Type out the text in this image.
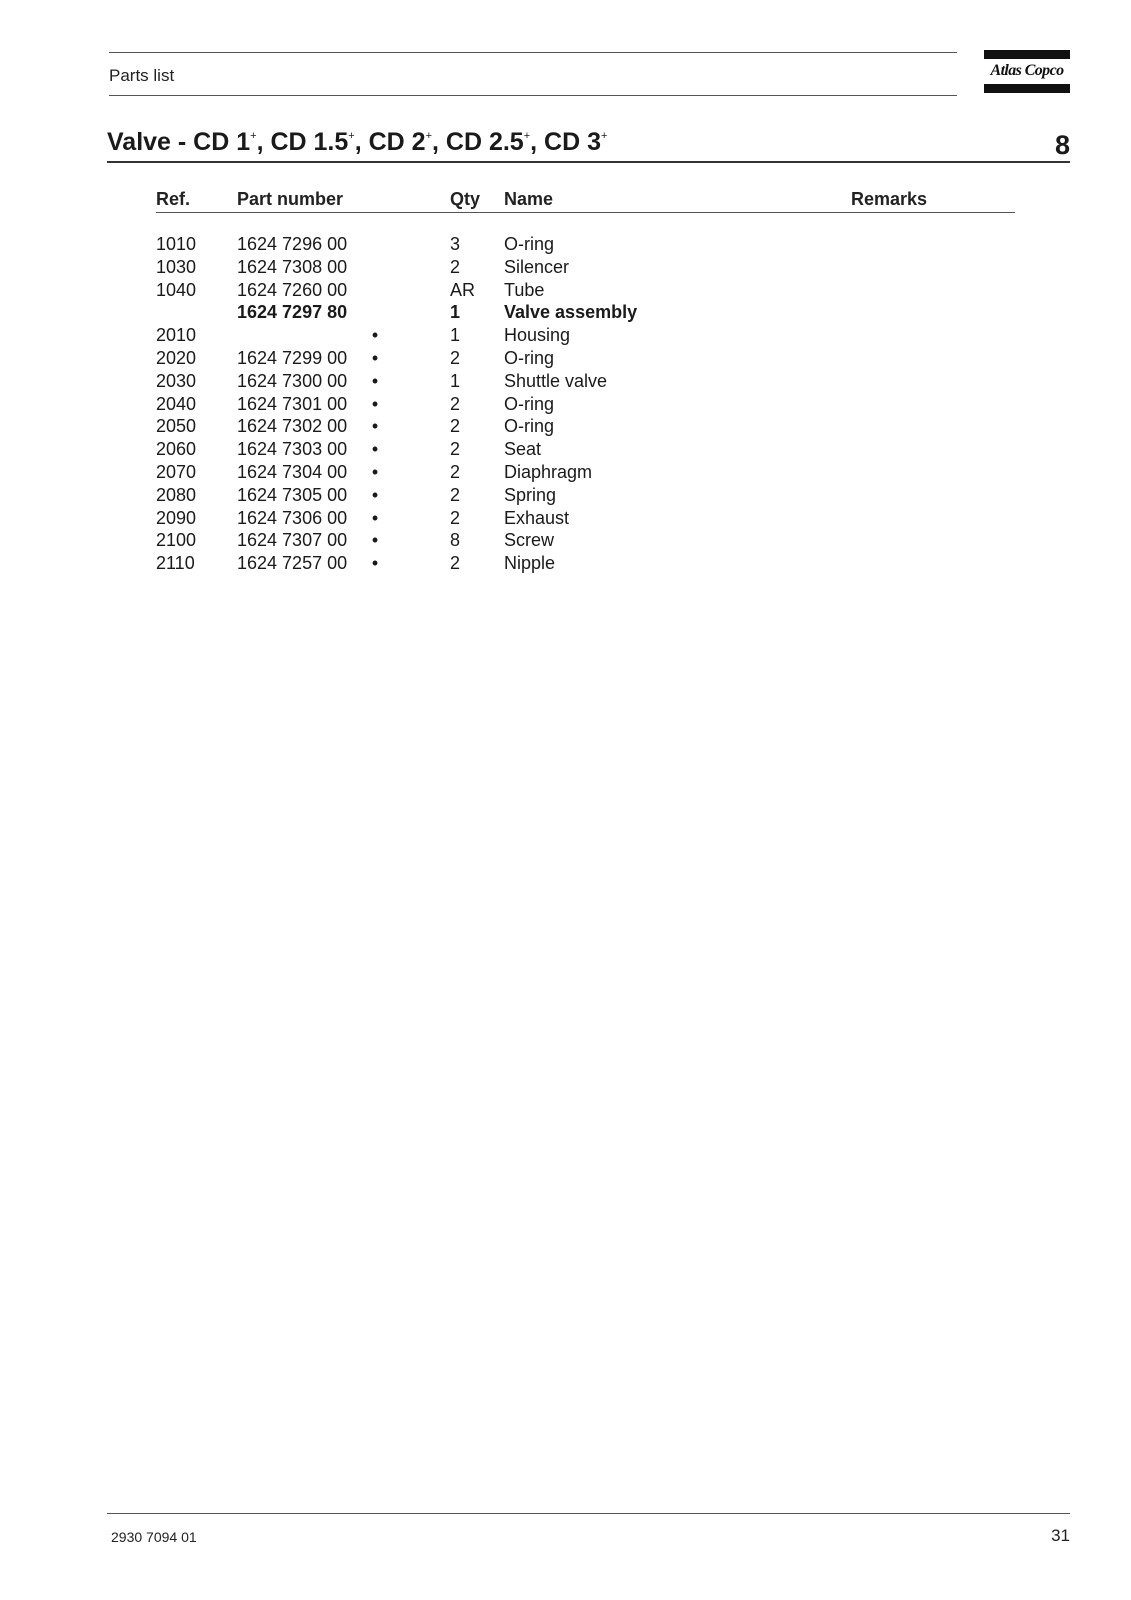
Parts list	Atlas Copco
Valve - CD 1+, CD 1.5+, CD 2+, CD 2.5+, CD 3+	8
Ref.	Part number	Qty Name	Remarks
1010 1624 7296 00	3 O-ring
1030 1624 7308 00	2 Silencer
1040 1624 7260 00	AR Tube
1624 7297 80	1 Valve assembly
2010	•	1 Housing
2020 1624 7299 00 •	2 O-ring
2030 1624 7300 00 •	1 Shuttle valve
2040 1624 7301 00 •	2 O-ring
2050 1624 7302 00 •	2 O-ring
2060 1624 7303 00 •	2 Seat
2070 1624 7304 00 •	2 Diaphragm
2080 1624 7305 00 •	2 Spring
2090 1624 7306 00 •	2 Exhaust
2100 1624 7307 00 •	8 Screw
2110 1624 7257 00 •	2 Nipple
2930 7094 01	31
